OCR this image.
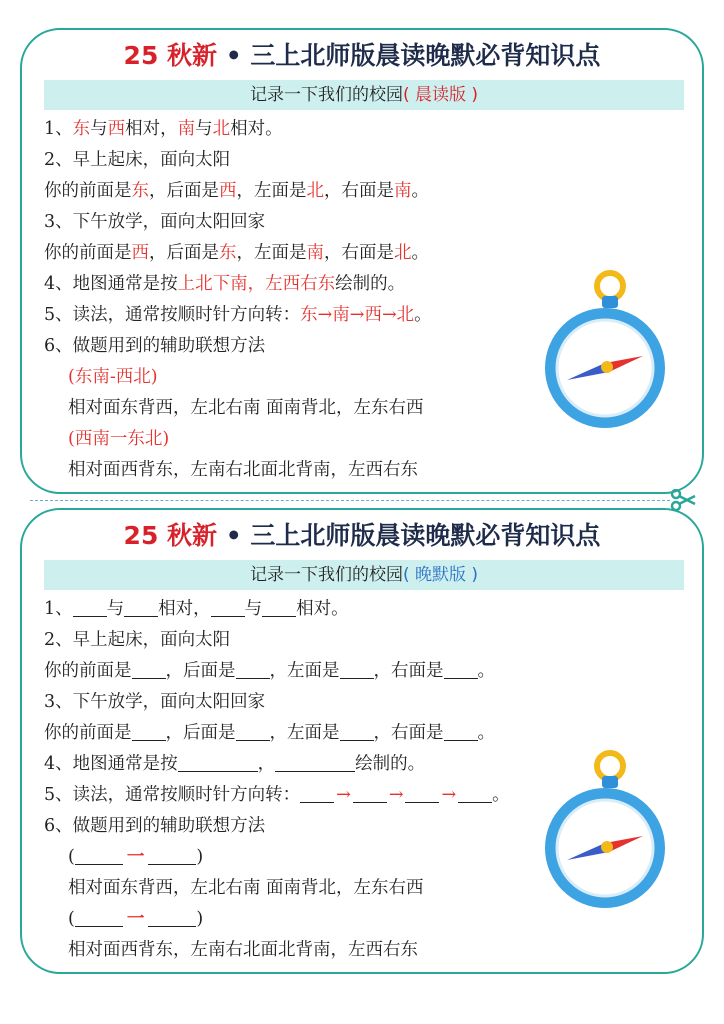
25 秋新 • 三上北师版晨读晚默必背知识点
记录一下我们的校园( 晨读版 )
1、东与西相对，南与北相对。
2、早上起床，面向太阳
你的前面是东，后面是西，左面是北，右面是南。
3、下午放学，面向太阳回家
你的前面是西，后面是东，左面是南，右面是北。
4、地图通常是按上北下南，左西右东绘制的。
5、读法，通常按顺时针方向转：东→南→西→北。
6、做题用到的辅助联想方法
(东南-西北)
相对面东背西，左北右南 面南背北，左东右西
(西南一东北)
相对面西背东，左南右北面北背南，左西右东
25 秋新 • 三上北师版晨读晚默必背知识点
记录一下我们的校园( 晚默版 )
1、 与 相对， 与 相对。
2、早上起床，面向太阳
你的前面是 ，后面是 ，左面是 ，右面是 。
3、下午放学，面向太阳回家
你的前面是 ，后面是 ，左面是 ，右面是 。
4、地图通常是按	，	绘制的。
5、读法，通常按顺时针方向转： → → → 。
6、做题用到的辅助联想方法
(	一	)
相对面东背西，左北右南 面南背北，左东右西
(	一	)
相对面西背东，左南右北面北背南，左西右东
